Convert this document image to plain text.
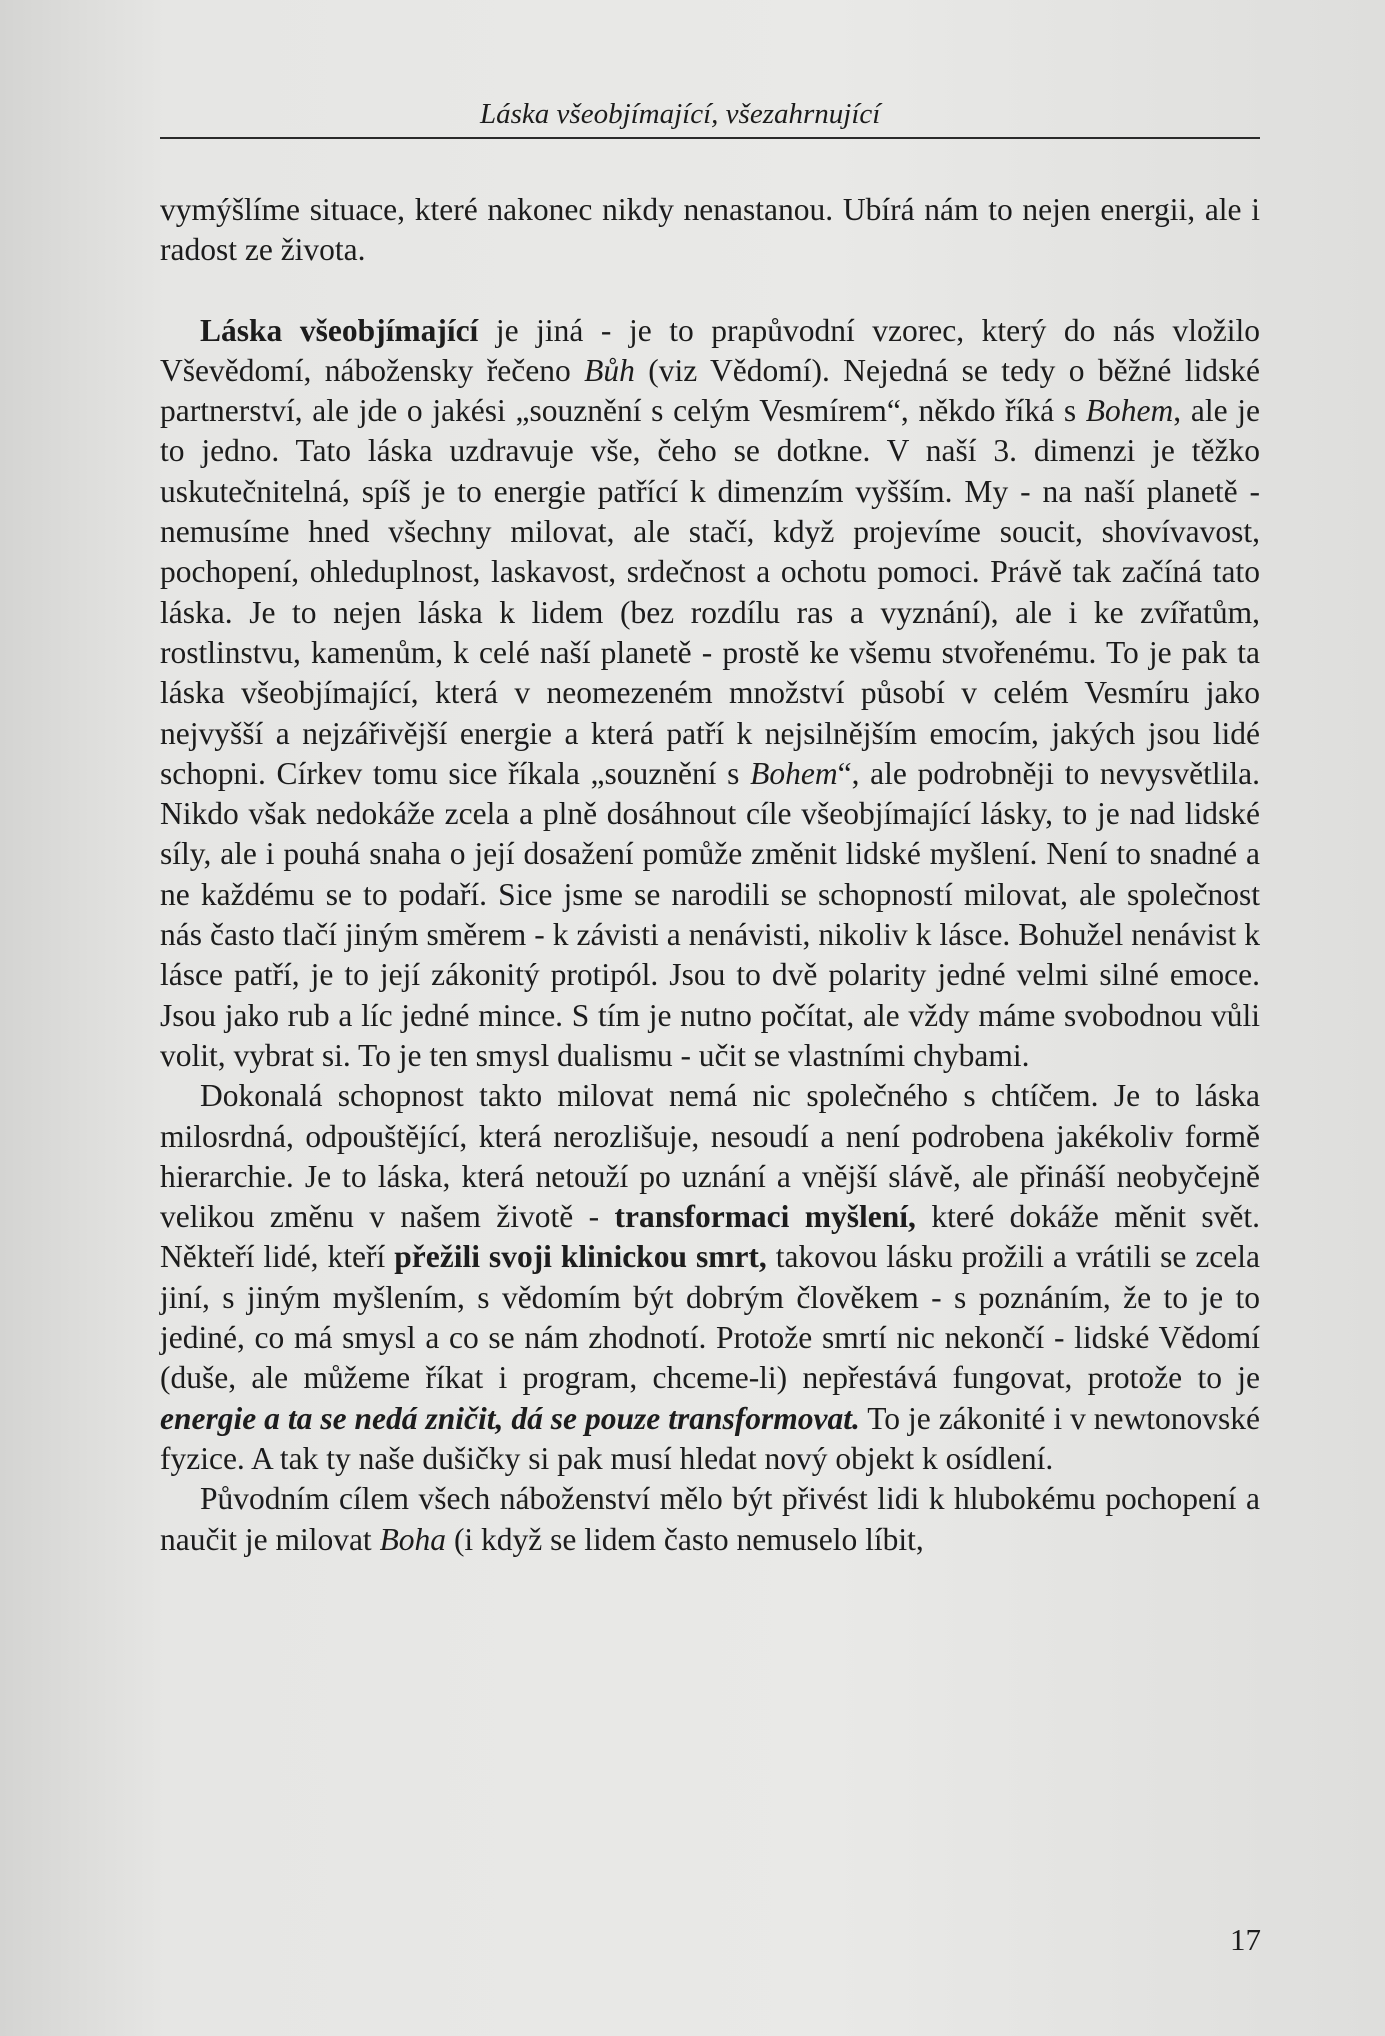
Láska všeobjímající, všezahrnující

vymýšlíme situace, které nakonec nikdy nenastanou. Ubírá nám to nejen energii, ale i radost ze života.

Láska všeobjímající je jiná - je to prapůvodní vzorec, který do nás vložilo Vševědomí, nábožensky řečeno Bůh (viz Vědomí). Nejedná se tedy o běžné lidské partnerství, ale jde o jakési „souznění s celým Vesmírem“, někdo říká s Bohem, ale je to jedno. Tato láska uzdravuje vše, čeho se dotkne. V naší 3. dimenzi je těžko uskutečnitelná, spíš je to energie patřící k dimenzím vyšším. My - na naší planetě - nemusíme hned všechny milovat, ale stačí, když projevíme soucit, shovívavost, pochopení, ohleduplnost, laskavost, srdečnost a ochotu pomoci. Právě tak začíná tato láska. Je to nejen láska k lidem (bez rozdílu ras a vyznání), ale i ke zvířatům, rostlinstvu, kamenům, k celé naší planetě - prostě ke všemu stvořenému. To je pak ta láska všeobjímající, která v neomezeném množství působí v celém Vesmíru jako nejvyšší a nejzářivější energie a která patří k nejsilnějším emocím, jakých jsou lidé schopni. Církev tomu sice říkala „souznění s Bohem“, ale podrobněji to nevysvětlila. Nikdo však nedokáže zcela a plně dosáhnout cíle všeobjímající lásky, to je nad lidské síly, ale i pouhá snaha o její dosažení pomůže změnit lidské myšlení. Není to snadné a ne každému se to podaří. Sice jsme se narodili se schopností milovat, ale společnost nás často tlačí jiným směrem - k závisti a nenávisti, nikoliv k lásce. Bohužel nenávist k lásce patří, je to její zákonitý protipól. Jsou to dvě polarity jedné velmi silné emoce. Jsou jako rub a líc jedné mince. S tím je nutno počítat, ale vždy máme svobodnou vůli volit, vybrat si. To je ten smysl dualismu - učit se vlastními chybami.

Dokonalá schopnost takto milovat nemá nic společného s chtíčem. Je to láska milosrdná, odpouštějící, která nerozlišuje, nesoudí a není podrobena jakékoliv formě hierarchie. Je to láska, která netouží po uznání a vnější slávě, ale přináší neobyčejně velikou změnu v našem životě - transformaci myšlení, které dokáže měnit svět. Někteří lidé, kteří přežili svoji klinickou smrt, takovou lásku prožili a vrátili se zcela jiní, s jiným myšlením, s vědomím být dobrým člověkem - s poznáním, že to je to jediné, co má smysl a co se nám zhodnotí. Protože smrtí nic nekončí - lidské Vědomí (duše, ale můžeme říkat i program, chceme-li) nepřestává fungovat, protože to je energie a ta se nedá zničit, dá se pouze transformovat. To je zákonité i v newtonovské fyzice. A tak ty naše dušičky si pak musí hledat nový objekt k osídlení.

Původním cílem všech náboženství mělo být přivést lidi k hlubokému pochopení a naučit je milovat Boha (i když se lidem často nemuselo líbit,

17
